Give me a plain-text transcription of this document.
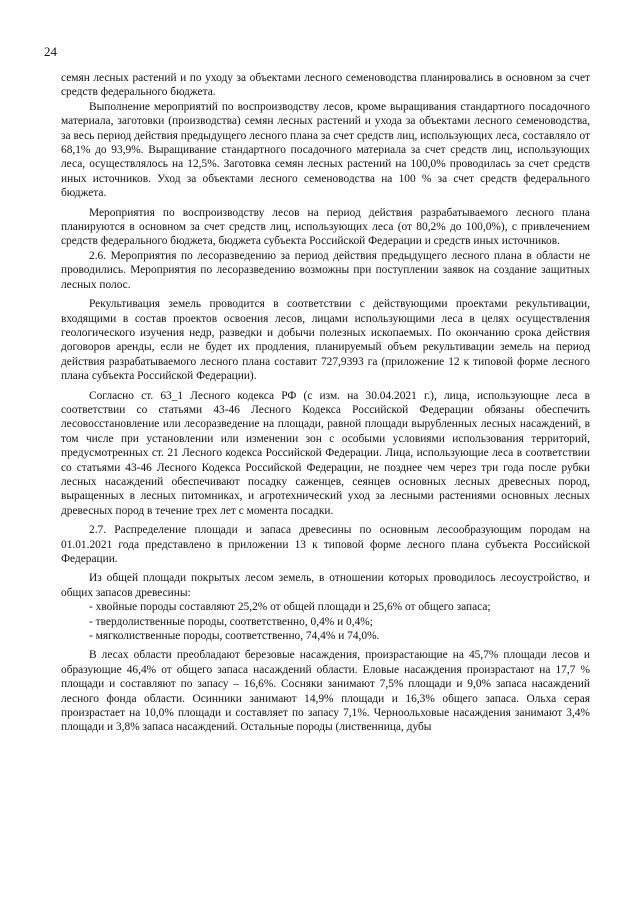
24

семян лесных растений и по уходу за объектами лесного семеноводства планировались в основном за счет средств федерального бюджета.

Выполнение мероприятий по воспроизводству лесов, кроме выращивания стандартного посадочного материала, заготовки (производства) семян лесных растений и ухода за объектами лесного семеноводства, за весь период действия предыдущего лесного плана за счет средств лиц, использующих леса, составляло от 68,1% до 93,9%. Выращивание стандартного посадочного материала за счет средств лиц, использующих леса, осуществлялось на 12,5%. Заготовка семян лесных растений на 100,0% проводилась за счет средств иных источников. Уход за объектами лесного семеноводства на 100 % за счет средств федерального бюджета.

Мероприятия по воспроизводству лесов на период действия разрабатываемого лесного плана планируются в основном за счет средств лиц, использующих леса (от 80,2% до 100,0%), с привлечением средств федерального бюджета, бюджета субъекта Российской Федерации и средств иных источников.

2.6. Мероприятия по лесоразведению за период действия предыдущего лесного плана в области не проводились. Мероприятия по лесоразведению возможны при поступлении заявок на создание защитных лесных полос.

Рекультивация земель проводится в соответствии с действующими проектами рекультивации, входящими в состав проектов освоения лесов, лицами использующими леса в целях осуществления геологического изучения недр, разведки и добычи полезных ископаемых. По окончанию срока действия договоров аренды, если не будет их продления, планируемый объем рекультивации земель на период действия разрабатываемого лесного плана составит 727,9393 га (приложение 12 к типовой форме лесного плана субъекта Российской Федерации).

Согласно ст. 63_1 Лесного кодекса РФ (с изм. на 30.04.2021 г.), лица, использующие леса в соответствии со статьями 43-46 Лесного Кодекса Российской Федерации обязаны обеспечить лесовосстановление или лесоразведение на площади, равной площади вырубленных лесных насаждений, в том числе при установлении или изменении зон с особыми условиями использования территорий, предусмотренных ст. 21 Лесного кодекса Российской Федерации. Лица, использующие леса в соответствии со статьями 43-46 Лесного Кодекса Российской Федерации, не позднее чем через три года после рубки лесных насаждений обеспечивают посадку саженцев, сеянцев основных лесных древесных пород, выращенных в лесных питомниках, и агротехнический уход за лесными растениями основных лесных древесных пород в течение трех лет с момента посадки.

2.7. Распределение площади и запаса древесины по основным лесообразующим породам на 01.01.2021 года представлено в приложении 13 к типовой форме лесного плана субъекта Российской Федерации.

Из общей площади покрытых лесом земель, в отношении которых проводилось лесоустройство, и общих запасов древесины:

- хвойные породы составляют 25,2% от общей площади и 25,6% от общего запаса;

- твердолиственные породы, соответственно, 0,4% и 0,4%;

- мягколиственные породы, соответственно, 74,4% и 74,0%.

В лесах области преобладают березовые насаждения, произрастающие на 45,7% площади лесов и образующие 46,4% от общего запаса насаждений области. Еловые насаждения произрастают на 17,7 % площади и составляют по запасу – 16,6%. Сосняки занимают 7,5% площади и 9,0% запаса насаждений лесного фонда области. Осинники занимают 14,9% площади и 16,3% общего запаса. Ольха серая произрастает на 10,0% площади и составляет по запасу 7,1%. Черноольховые насаждения занимают 3,4% площади и 3,8% запаса насаждений. Остальные породы (лиственница, дубы
